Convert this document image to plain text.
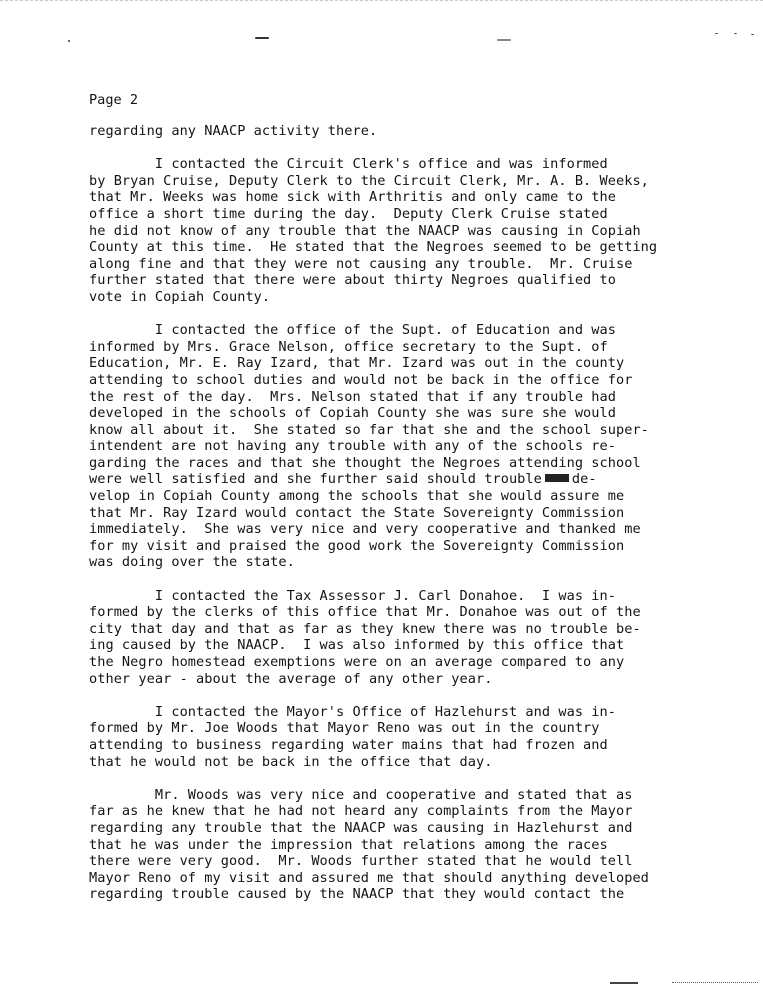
Page 2
regarding any NAACP activity there.
I contacted the Circuit Clerk's office and was informed
by Bryan Cruise, Deputy Clerk to the Circuit Clerk, Mr. A. B. Weeks,
that Mr. Weeks was home sick with Arthritis and only came to the
office a short time during the day.  Deputy Clerk Cruise stated
he did not know of any trouble that the NAACP was causing in Copiah
County at this time.  He stated that the Negroes seemed to be getting
along fine and that they were not causing any trouble.  Mr. Cruise
further stated that there were about thirty Negroes qualified to
vote in Copiah County.
I contacted the office of the Supt. of Education and was
informed by Mrs. Grace Nelson, office secretary to the Supt. of
Education, Mr. E. Ray Izard, that Mr. Izard was out in the county
attending to school duties and would not be back in the office for
the rest of the day.  Mrs. Nelson stated that if any trouble had
developed in the schools of Copiah County she was sure she would
know all about it.  She stated so far that she and the school super-
intendent are not having any trouble with any of the schools re-
garding the races and that she thought the Negroes attending school
were well satisfied and she further said should trouble de-
velop in Copiah County among the schools that she would assure me
that Mr. Ray Izard would contact the State Sovereignty Commission
immediately.  She was very nice and very cooperative and thanked me
for my visit and praised the good work the Sovereignty Commission
was doing over the state.
I contacted the Tax Assessor J. Carl Donahoe.  I was in-
formed by the clerks of this office that Mr. Donahoe was out of the
city that day and that as far as they knew there was no trouble be-
ing caused by the NAACP.  I was also informed by this office that
the Negro homestead exemptions were on an average compared to any
other year - about the average of any other year.
I contacted the Mayor's Office of Hazlehurst and was in-
formed by Mr. Joe Woods that Mayor Reno was out in the country
attending to business regarding water mains that had frozen and
that he would not be back in the office that day.
Mr. Woods was very nice and cooperative and stated that as
far as he knew that he had not heard any complaints from the Mayor
regarding any trouble that the NAACP was causing in Hazlehurst and
that he was under the impression that relations among the races
there were very good.  Mr. Woods further stated that he would tell
Mayor Reno of my visit and assured me that should anything developed
regarding trouble caused by the NAACP that they would contact the
